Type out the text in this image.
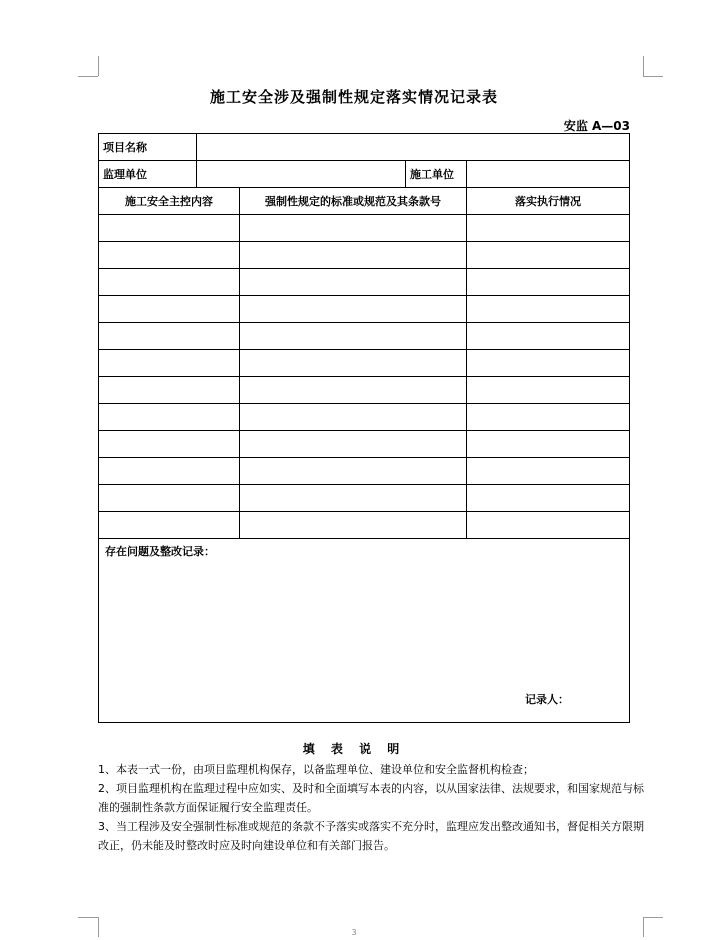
施工安全涉及强制性规定落实情况记录表
安监 A—03
项目名称				
监理单位			施工单位	
施工安全主控内容		强制性规定的标准或规范及其条款号		落实执行情况

存在问题及整改记录：
记录人：				
填 表 说 明

1、本表一式一份，由项目监理机构保存，以备监理单位、建设单位和安全监督机构检查；

2、项目监理机构在监理过程中应如实、及时和全面填写本表的内容，以从国家法律、法规要求，和国家规范与标准的强制性条款方面保证履行安全监理责任。

3、当工程涉及安全强制性标准或规范的条款不予落实或落实不充分时，监理应发出整改通知书，督促相关方限期改正，仍未能及时整改时应及时向建设单位和有关部门报告。

3
